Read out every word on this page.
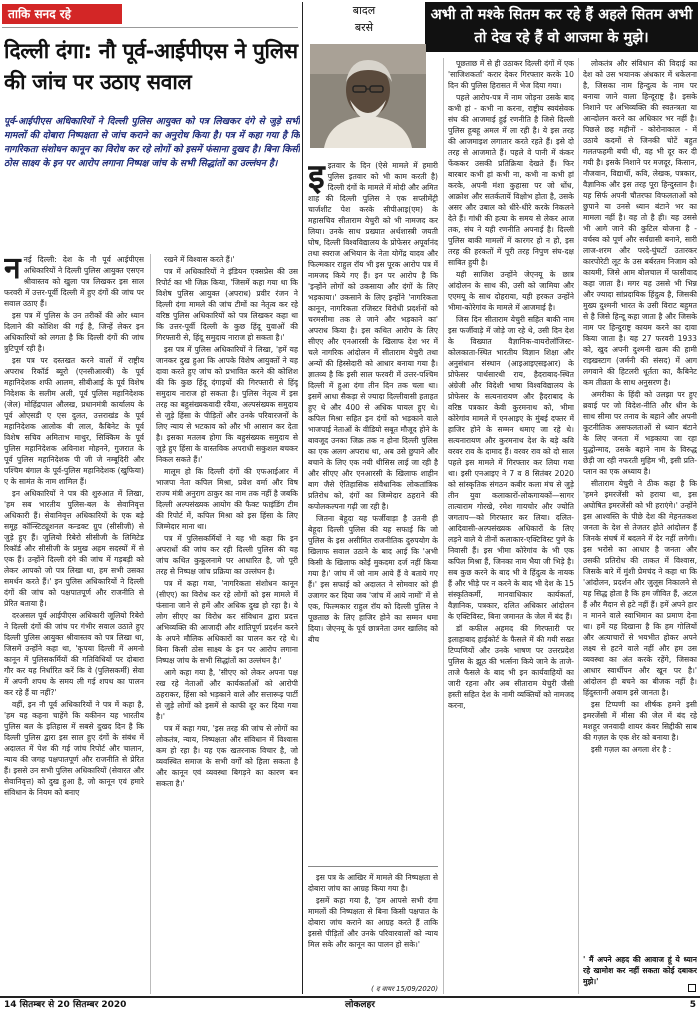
ताकि सनद रहे
दिल्ली दंगा: नौ पूर्व-आईपीएस ने पुलिस की जांच पर उठाए सवाल
पूर्व-आईपीएस अधिकारियों ने दिल्ली पुलिस आयुक्त को पत्र लिखकर दंगे से जुड़े सभी मामलों की दोबारा निष्पक्षता से जांच कराने का अनुरोध किया है। पत्र में कहा गया है कि नागरिकता संशोधन कानून का विरोध कर रहे लोगों को इसमें फंसाना दुखद है। बिना किसी ठोस साक्ष्य के इन पर आरोप लगाना निष्पक्ष जांच के सभी सिद्धांतों का उल्लंघन है।

ननई दिल्ली: देश के नौ पूर्व आईपीएस अधिकारियों ने दिल्ली पुलिस आयुक्त एसएन श्रीवास्तव को खुला पत्र लिखकर इस साल फरवरी में उत्तर-पूर्वी दिल्ली में हुए दंगों की जांच पर सवाल उठाए हैं।

इस पत्र में पुलिस के उन तरीकों की ओर ध्यान दिलाने की कोशिश की गई है, जिन्हें लेकर इन अधिकारियों को लगता है कि दिल्ली दंगों की जांच त्रुटिपूर्ण रही है।

इस पत्र पर दस्तखत करने वालों में राष्ट्रीय अपराध रिकॉर्ड ब्यूरो (एनसीआरबी) के पूर्व महानिदेशक शफी आलम, सीबीआई के पूर्व विशेष निदेशक के सलीम अली, पूर्व पुलिस महानिदेशक (जेल) मोहिंद्रपाल औलख, प्रधानमंत्री कार्यालय के पूर्व ओएसडी ए एस दुलत, उत्तराखंड के पूर्व महानिदेशक आलोक बी लाल, कैबिनेट के पूर्व विशेष सचिव अमिताभ माथुर, सिक्किम के पूर्व पुलिस महानिदेशक अविनाश मोहनने, गुजरात के पूर्व पुलिस महानिदेशक पी जी जे नम्बूदिरी और पश्चिम बंगाल के पूर्व-पुलिस महानिदेशक (खुफिया) ए के सामंत के नाम शामिल हैं।

इन अधिकारियों ने पत्र की शुरुआत में लिखा, 'हम सब भारतीय पुलिस-बल के सेवानिवृत्त अधिकारी हैं। सेवानिवृत्त अधिकारियों के एक बड़े समूह कॉन्स्टिट्यूशनल कन्डक्ट ग्रुप (सीसीजी) से जुड़े हुए हैं। जुलियो रिबेरो सीसीजी के लिमिटेड रिकॉर्ड और सीसीजी के प्रमुख अहम सदस्यों में से एक हैं। उन्होंने दिल्ली दंगे की जांच में गड़बड़ी को लेकर आपको जो पत्र लिखा था, हम सभी उसका समर्थन करते हैं।' इन पुलिस अधिकारियों ने दिल्ली दंगों की जांच को पक्षपातपूर्ण और राजनीति से प्रेरित बताया है।

दरअसल पूर्व आईपीएस अधिकारी जूलियो रिबेरो ने दिल्ली दंगों की जांच पर गंभीर सवाल उठाते हुए दिल्ली पुलिस आयुक्त श्रीवास्तव को पत्र लिखा था, जिसमें उन्होंने कहा था, 'कृपया दिल्ली में अमनो कानून में पुलिसकर्मियों की गतिविधियों पर दोबारा गौर कर यह निर्धारित करें कि वे (पुलिसकर्मी) सेवा में अपनी शपथ के समय ली गई शपथ का पालन कर रहे हैं या नहीं?'

वहीं, इन नौ पूर्व अधिकारियों ने पत्र में कहा है, 'हम यह कहना चाहेंगे कि यकीनन यह भारतीय पुलिस बल के इतिहास में सबसे दुखद दिन है कि दिल्ली पुलिस द्वारा इस साल हुए दंगों के संबंध में अदालत में पेश की गई जांच रिपोर्ट और चालान, न्याय की जगह पक्षपातपूर्ण और राजनीति से प्रेरित हैं। इससे उन सभी पुलिस अधिकारियों (सेवारत और सेवानिवृत्त) को दुख हुआ है, जो कानून एवं हमारे संविधान के नियम को बनाए

रखने में विश्वास करते हैं।'

पत्र में अधिकारियों ने इंडियन एक्सप्रेस की उस रिपोर्ट का भी जिक्र किया, 'जिसमें कहा गया था कि विशेष पुलिस आयुक्त (अपराध) प्रवीर रंजन ने दिल्ली दंगा मामले की जांच टीमों का नेतृत्व कर रहे वरिष्ठ पुलिस अधिकारियों को पत्र लिखकर कहा था कि उत्तर-पूर्वी दिल्ली के कुछ हिंदू युवाओं की गिरफ्तारी से, हिंदू समुदाय नाराज हो सकता है।'

इस पत्र में पुलिस अधिकारियों ने लिखा, 'हमें यह जानकर दुख हुआ कि आपके विशेष आयुक्तों ने यह दावा करते हुए जांच को प्रभावित करने की कोशिश की कि कुछ हिंदू दंगाइयों की गिरफ्तारी से हिंदू समुदाय नाराज हो सकता है। पुलिस नेतृत्व में इस तरह का बहुसंख्यकवादी रवैया, अल्पसंख्यक समुदाय से जुड़े हिंसा के पीड़ितों और उनके परिवारजनों के लिए न्याय से भटकाव को और भी आसान कर देता है। इसका मतलब होगा कि बहुसंख्यक समुदाय से जुड़े हुए हिंसा के वास्तविक अपराधी सकुशल बचकर निकल सकते हैं।'

मालूम हो कि दिल्ली दंगों की एफआईआर में भाजपा नेता कपिल मिश्रा, प्रवेश वर्मा और विष राज्य मंत्री अनुराग ठाकुर का नाम तक नहीं है जबकि दिल्ली अल्पसंख्यक आयोग की फैक्ट फाइंडिंग टीम की रिपोर्ट में, कपिल मिश्रा को इस हिंसा के लिए जिम्मेदार माना था।

पत्र में पुलिसकर्मियों ने यह भी कहा कि इन अपराधों की जांच कर रही दिल्ली पुलिस की यह जांच कथित कुकूलनामे पर आधारित है, जो पूरी तरह से निष्पक्ष जांच प्रक्रिया का उल्लंघन है।

पत्र में कहा गया, 'नागरिकता संशोधन कानून (सीएए) का विरोध कर रहे लोगों को इस मामले में फंसाना जाने से हमें और अधिक दुख हो रहा है। ये लोग सीएए का विरोध कर संविधान द्वारा प्रदत्त अभिव्यक्ति की आजादी और शांतिपूर्ण प्रदर्शन करने के अपने मौलिक अधिकारों का पालन कर रहे थे। बिना किसी ठोस साक्ष्य के इन पर आरोप लगाना निष्पक्ष जांच के सभी सिद्धांतों का उल्लंघन है।'

आगे कहा गया है, 'सीएए को लेकर अपना पक्ष रख रहे नेताओं और कार्यकर्ताओं को आरोपी ठहराकर, हिंसा को भड़काने वाले और सत्तारूढ़ पार्टी से जुड़े लोगों को इसमें से काफी दूर कर दिया गया है।'

पत्र में कहा गया, 'इस तरह की जांच से लोगों का लोकतंत्र, न्याय, निष्पक्षता और संविधान में विश्वास कम हो रहा है। यह एक खतरनाक विचार है, जो व्यवस्थित समाज के सभी वर्गों को हिला सकता है और कानून एवं व्यवस्था बिगड़ने का कारण बन सकता है।'

बादल
बरसे
अभी तो मश्के सितम कर रहे हैं अहले सितम अभी तो देख रहे हैं वो आजमा के मुझे।

इइतवार के दिन (ऐसे मामले में हमारी पुलिस इतवार को भी काम करती है) दिल्ली दंगों के मामले में मोदी और अमित शाह की दिल्ली पुलिस ने एक सप्लीमेंट्री चार्जशीट पेश करके सीपीआइ(एम) के महासचिव सीताराम येचुरी को भी नामजद कर लिया। उनके साथ प्रख्यात अर्थशास्त्री जयती घोष, दिल्ली विश्वविद्यालय के प्रोफेसर अपूर्वानंद तथा स्वराज अभियान के नेता योगेंद्र यादव और फिल्मकार राहुल रॉय भी इस पूरक आरोप पत्र में नामजद किये गए हैं। इन पर आरोप है कि 'इन्होंने लोगों को उकसाया और दंगों के लिए भड़काया।' उकसाने के लिए इन्होंने 'नागरिकता कानून, नागरिकता रजिस्टर विरोधी प्रदर्शनों को चरमसीमा तक ले जाने और भड़काने का' अपराध किया है। इस कथित आरोप के लिए सीएए और एनआरसी के खिलाफ देश भर में चले नागरिक आंदोलन में सीताराम येचुरी तथा अन्यों की हिस्सेदारी को आधार बनाया गया है। ज्ञातव्य है कि इसी साल फरवरी में उत्तर-पश्चिम दिल्ली में हुआ दंगा तीन दिन तक चला था। इसमें आधा सैकड़ा से ज्यादा दिल्लीवासी हताहत हुए थे और 400 से अधिक घायल हुए थे। कपिल मिश्रा सहित इन दंगों को भड़काने वाले भाजपाई नेताओं के वीडियो सबूत मौजूद होने के बावजूद उनका जिक्र तक न होना दिल्ली पुलिस का एक अलग अपराध था, अब उसे छुपाने और बचाने के लिए एक नयी थीसिस लाई जा रही है और सीएए और एनआरसी के खिलाफ शाहीन बाग जैसे ऐतिहासिक संवैधानिक लोकतांत्रिक प्रतिरोध को, दंगों का जिम्मेदार ठहराने की कपोलकल्पना गढ़ी जा रही है।

जितना बेहूदा यह फर्जीवाड़ा है उतनी ही बेहूदा दिल्ली पुलिस की यह सफाई कि जो पुलिस के इस असीमित राजनीतिक दुरुपयोग के खिलाफ सवाल उठाने के बाद आई कि 'अभी किसी के खिलाफ कोई मुकदमा दर्ज नहीं किया गया है।' जांच में जो नाम आये हैं वे बताये गए हैं।' इस सफाई को अदालत ने सोमवार को ही उजागर कर दिया जब 'जांच में आये नामों' में से एक, फिल्मकार राहुल रॉय को दिल्ली पुलिस ने पूछताछ के लिए हाजिर होने का सम्मन थमा दिया। जेएनयू के पूर्व छात्रनेता उमर खालिद को बीच

इस पत्र के आखिर में मामले की निष्पक्षता से दोबारा जांच का आग्रह किया गया है।

इसमें कहा गया है, 'हम आपसे सभी दंगा मामलों की निष्पक्षता से बिना किसी पक्षपात के दोबारा जांच कराने का आग्रह करते हैं ताकि इससे पीड़ितों और उनके परिवारवालों को न्याय मिल सके और कानून का पालन हो सके।'

( द वायर 15/09/2020)

पूछताछ में से ही उठाकर दिल्ली दंगों में एक 'साजिशकर्ता' करार देकर गिरफ्तार करके 10 दिन की पुलिस हिरासत में भेज दिया गया।

पहले आरोप-पत्र में नाम जोड़ना उसके बाद कभी हां - कभी ना करना, राष्ट्रीय स्वयंसेवक संघ की आजमाई हुई रणनीति है जिसे दिल्ली पुलिस हूबहू अमल में ला रही है। ये इस तरह की आजमाइश लगातार करते रहते हैं। इसे दो तरह से आजमाते हैं। पहले वे पानी में कंकर फेंककर उसकी प्रतिक्रिया देखते हैं। फिर बारबार कभी हां कभी ना, कभी ना कभी हां करके, अपनी मंशा कुहासा पर जो धोंध, आक्रोश और सतर्कतायें विक्षोभ होता है, उसके असर और उबाल को धीरे-धीरे करके निकलने देते हैं। गांधी की हत्या के समय से लेकर आज तक, संघ ने यही रणनीति अपनाई है। दिल्ली पुलिस बाकी मामलों में कारगर हो न हो, इस तरह की हरकतों में पूरी तरह निपुण संघ-दक्ष साबित हुयी है।

यही साजिश उन्होंने जेएनयू के छात्र आंदोलन के साथ की, उसी को जामिया और एएमयू के साथ दोहराया, यही हरकत उन्होंने भीमा-कोरेगांव के मामले में आजमाई है।

जिस दिन सीताराम येचुरी सहित बाकी नाम इस फर्जीवाड़े में जोड़े जा रहे थे, उसी दिन देश के विख्यात वैज्ञानिक-वायरोलॉजिस्ट-कोलकाता-स्थित भारतीय विज्ञान शिक्षा और अनुसंधान संस्थान (आइआइएसइआर) के प्रोफेसर पार्थसारथी राय, हैदराबाद-स्थित अंग्रेजी और विदेशी भाषा विश्वविद्यालय के प्रोफेसर के सत्यनारायण और हैदराबाद के वरिष्ठ पत्रकार केवी कुरमनाथ को, भीमा कोरेगांव मामले में एनआइए के मुंबई दफ्तर में हाजिर होने के सम्मन थमाए जा रहे थे। सत्यनारायण और कुरमनाथ देश के बड़े कवि वरवर राव के दामाद हैं। वरवर राव को दो साल पहले इस मामले में गिरफ्तार कर लिया गया था। इसी एनआइए ने 7 व 8 सितंबर 2020 को सांस्कृतिक संगठन कबीर कला मंच से जुड़े तीन युवा कलाकारों-लोकगायकों—सागर तात्याराम गोरखे, रमेश गायचोर और ज्योति जगताप—को गिरफ्तार कर लिया। दलित-आदिवासी-अल्पसंख्यक अधिकारों के लिए लड़ने वाले ये तीनों कलाकार-एक्टिविस्ट पुणे के निवासी हैं। इस भीमा कोरेगांव के भी एक कपिल मिश्रा हैं, जिनका नाम भैया जी भिड़े है। सब कुछ करने के बाद भी वे हिंदुत्व के नायक हैं और भीड़े पर न करने के बाद भी देश के 15 संस्कृतिकर्मी, मानवाधिकार कार्यकर्ता, वैज्ञानिक, पत्रकार, दलित अधिकार आंदोलन के एक्टिविस्ट, बिना जमानत के जेल में बंद हैं।

डॉ कफील अहमद की गिरफ्तारी पर इलाहाबाद हाईकोर्ट के फैसले में की गयी सख्त टिप्पणियों और उनके भाषण पर उत्तरप्रदेश पुलिस के झूठ की भर्त्सना किये जाने के ताजे-ताजे फैसले के बाद भी इन कार्यवाहियों का जारी रहना और अब सीताराम येचुरी जैसी हस्ती सहित देश के नामी व्यक्तियों को नामजद करना,

लोकतंत्र और संविधान की विदाई का देश को उस भयानक अंधकार में धकेलना है, जिसका नाम हिन्दुत्व के नाम पर बनाया जाने वाला हिन्दूराष्ट्र है। इसके निशाने पर अभिव्यक्ति की स्वतन्त्रता या आन्दोलन करने का अधिकार भर नहीं है। पिछले छह महीनों - कोरोनाकाल - में उठाये कदमों से जिनकी चोटें बहुत गलतफहमी बची थी, वह भी दूर कर दी गयी है। इसके निशाने पर मजदूर, किसान, नौजवान, विद्यार्थी, कवि, लेखक, पत्रकार, वैज्ञानिक और इस तरह पूरा हिन्दुस्तान है। यह सिर्फ अपनी चौतरफा विफलताओं को छुपाने या उनसे ध्यान बंटाने भर का मामला नहीं है। वह तो है ही। यह उससे भी आगे जाने की कुटिल योजना है - वर्चस्व को पूर्ण और सर्वग्रासी बनाने, सारी लाज-शरम और परदे-घुंघटों उतारकर कारपोरेटी लूट के उस बर्बरतम निजाम को कायमी, जिसे आम बोलचाल में फासीवाद कहा जाता है। मगर यह उससे भी भिन्न और ज्यादा सांप्रदायिक हिंदुत्व है, जिसकी मुख्य दुश्मनी भारत के उसी विराट बहुमत से है जिसे हिन्दू कहा जाता है और जिसके नाम पर हिन्दुराष्ट्र कायम करने का दावा किया जाता है। यह 27 फरवरी 1933 को, खुद अपनी दुश्मनी खत्म की हामी राइखस्टाग (जर्मनी की संसद) में आग लगवाने की हिटलरी धूर्तता का, कैबिनेट कम तीव्रता के साथ अनुसरण है।

अमरीका के हिंदी को उलझा पर हुए ब्रवाई पर जो विदेश-नीति और धीन के साथ सीमा पर तनाव के बहाने और अपनी कूटनीतिक असफलताओं से ध्यान बंटाने के लिए जनता में भड़काया जा रहा युद्धोन्माद, उसके बहाने नाम के विरुद्ध छेड़ी जा रही नफरती मुहिम भी, इसी प्रति-प्लान का एक अध्याय है।

सीताराम येचुरी ने ठीक कहा है कि 'हमने इमरजेंसी को हराया था, इस अघोषित इमरजेंसी को भी हराएंगे।' उन्होंने इस आश्वस्ति के पीछे देश की मेहनतकश जनता के देश से तेजतर होते आंदोलन हैं जिनके संघर्ष में बदलने में देर नहीं लगेगी। इस भरोसे का आधार है जनता और उसकी प्रतिरोध की ताकत में विश्वास, जिसके बारे में मुंशी प्रेमचंद ने कहा था कि 'आंदोलन, प्रदर्शन और जुलूस निकालने से यह सिद्ध होता है कि हम जीवित हैं, अटल हैं और मैदान से हटे नहीं हैं। हमें अपने हार न मानने वाले स्वाभिमान का प्रमाण देना था। हमें यह दिखाना है कि हम गोलियों और अत्याचारों से भयभीत होकर अपने लक्ष्य से हटने वाले नहीं और हम उस व्यवस्था का अंत करके रहेंगे, जिसका आधार स्वार्थीपन और खून पर है।' आंदोलन ही बचने का बीजक नहीं है। हिंदुस्तानी अवाम इसे जानता है।

इस टिप्पणी का शीर्षक हमने इसी इमरजेंसी में मीसा की जेल में बंद रहे मशहूर जनवादी शायर कंवर सिद्दीकी साब की गज़ल के एक शेर को बनाया है।

इसी गज़ल का अगला शेर है :

' मैं अपने अहद की आवाज हूं ये ध्यान रहे खामोश कर नहीं सकता कोई दबाकर मुझे।'
14 सितम्बर से 20 सितम्बर 2020	लोकलहर	5
